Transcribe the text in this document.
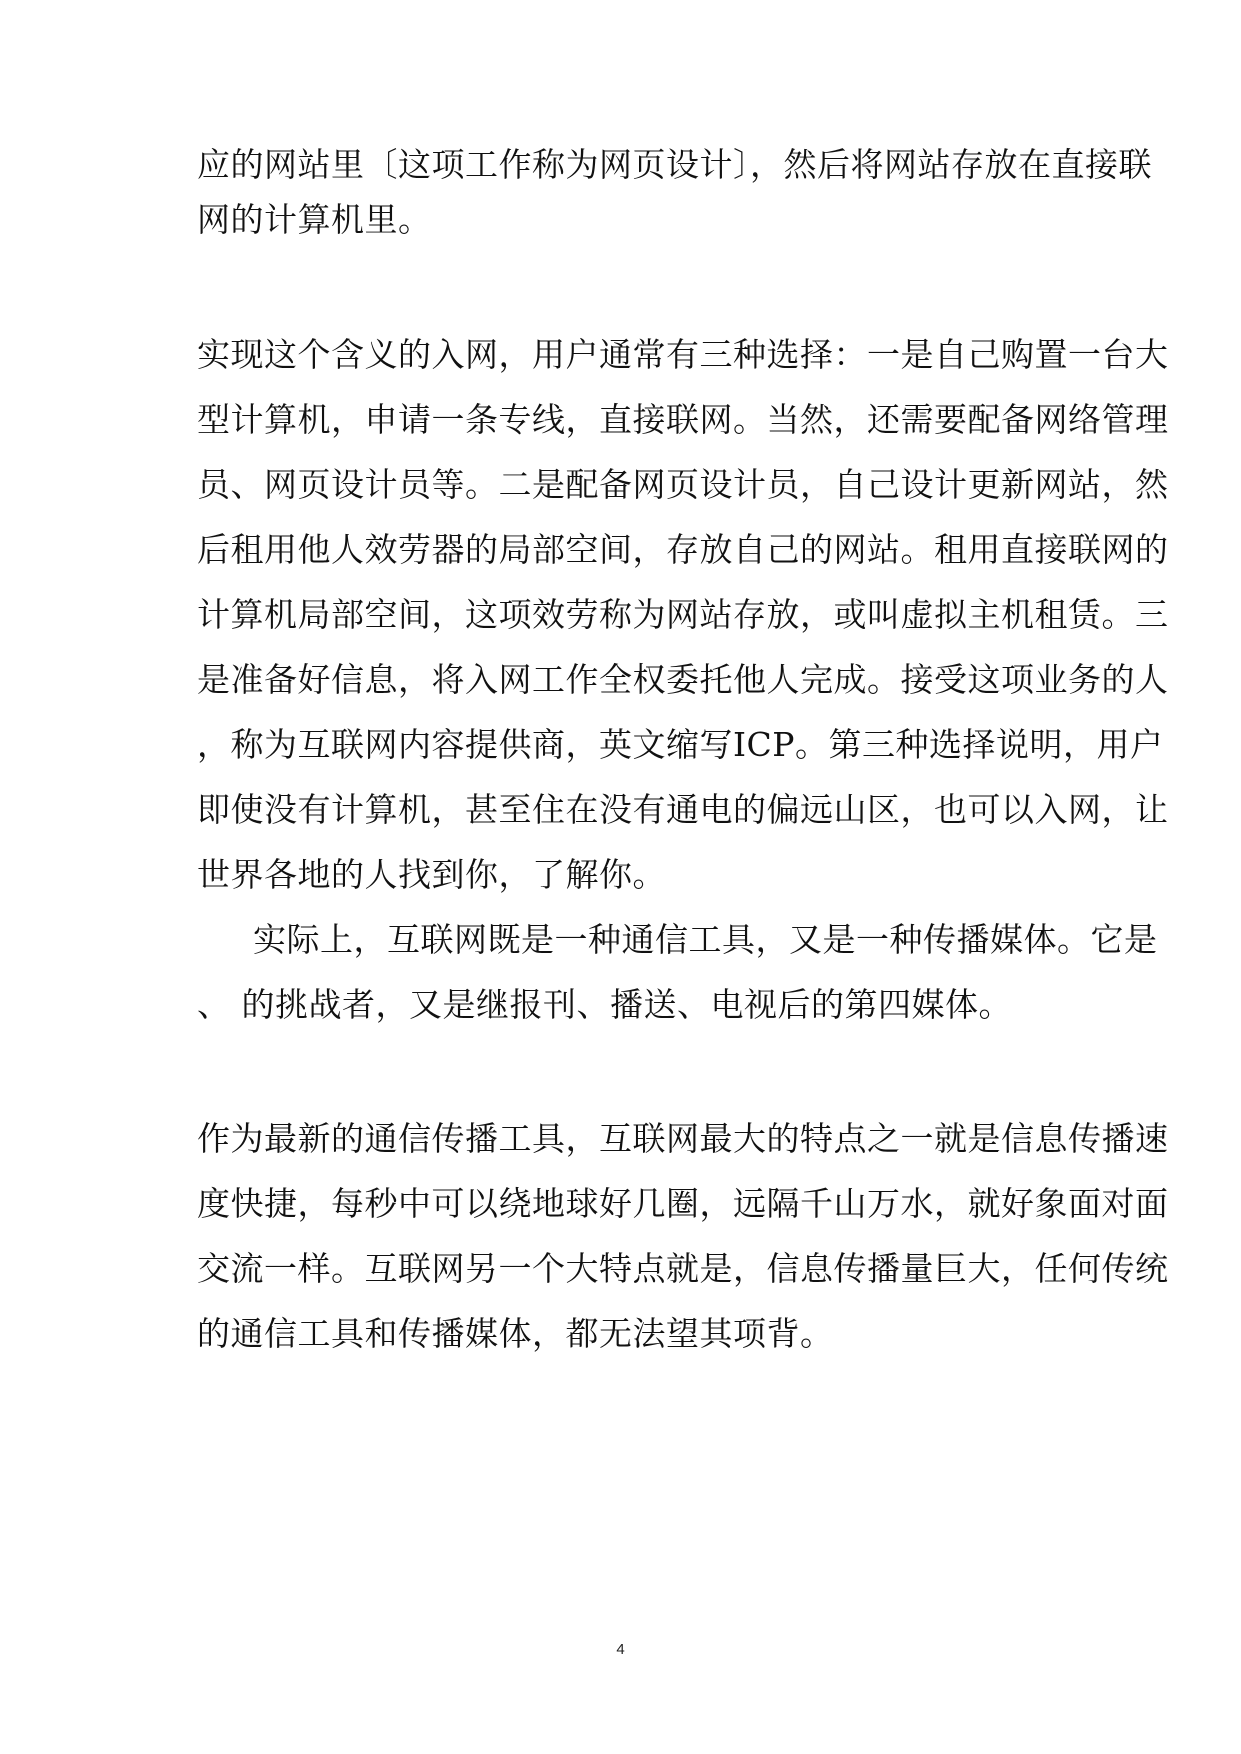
应的网站里〔这项工作称为网页设计〕，然后将网站存放在直接联
网的计算机里。
实现这个含义的入网，用户通常有三种选择：一是自己购置一台大
型计算机，申请一条专线，直接联网。当然，还需要配备网络管理
员、网页设计员等。二是配备网页设计员，自己设计更新网站，然
后租用他人效劳器的局部空间，存放自己的网站。租用直接联网的
计算机局部空间，这项效劳称为网站存放，或叫虚拟主机租赁。三
是准备好信息，将入网工作全权委托他人完成。接受这项业务的人
，称为互联网内容提供商，英文缩写ICP。第三种选择说明，用户
即使没有计算机，甚至住在没有通电的偏远山区，也可以入网，让
世界各地的人找到你，了解你。
实际上，互联网既是一种通信工具，又是一种传播媒体。它是
、 的挑战者，又是继报刊、播送、电视后的第四媒体。
作为最新的通信传播工具，互联网最大的特点之一就是信息传播速
度快捷，每秒中可以绕地球好几圈，远隔千山万水，就好象面对面
交流一样。互联网另一个大特点就是，信息传播量巨大，任何传统
的通信工具和传播媒体，都无法望其项背。
4
